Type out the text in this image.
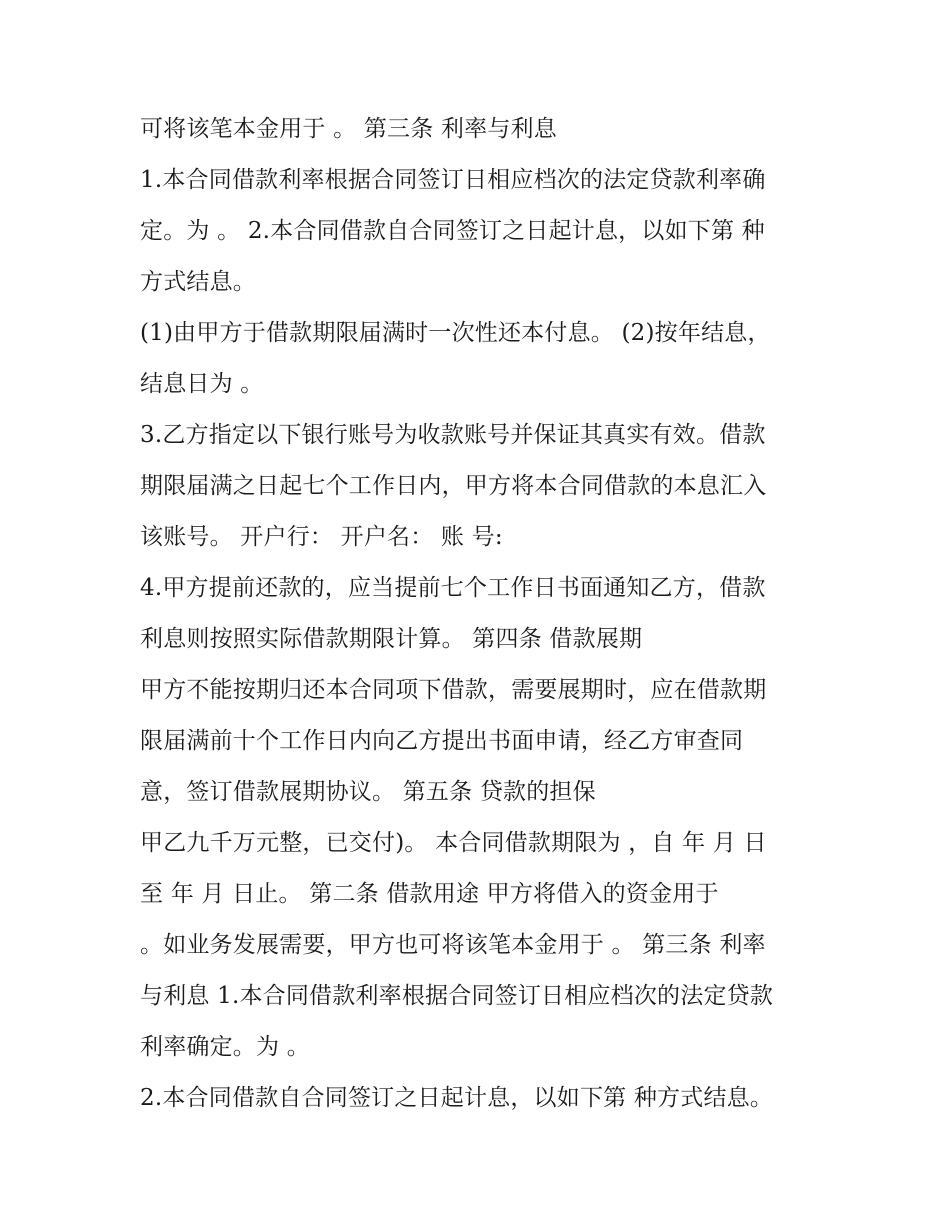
可将该笔本金用于 。 第三条 利率与利息
1.本合同借款利率根据合同签订日相应档次的法定贷款利率确
定。为 。 2.本合同借款自合同签订之日起计息，以如下第 种
方式结息。
(1)由甲方于借款期限届满时一次性还本付息。 (2)按年结息，
结息日为 。
3.乙方指定以下银行账号为收款账号并保证其真实有效。借款
期限届满之日起七个工作日内，甲方将本合同借款的本息汇入
该账号。 开户行： 开户名： 账 号:
4.甲方提前还款的，应当提前七个工作日书面通知乙方，借款
利息则按照实际借款期限计算。 第四条 借款展期
甲方不能按期归还本合同项下借款，需要展期时，应在借款期
限届满前十个工作日内向乙方提出书面申请，经乙方审查同
意，签订借款展期协议。 第五条 贷款的担保
甲乙九千万元整，已交付)。 本合同借款期限为 ，自 年 月 日
至 年 月 日止。 第二条 借款用途 甲方将借入的资金用于
。如业务发展需要，甲方也可将该笔本金用于 。 第三条 利率
与利息 1.本合同借款利率根据合同签订日相应档次的法定贷款
利率确定。为 。
2.本合同借款自合同签订之日起计息，以如下第 种方式结息。
